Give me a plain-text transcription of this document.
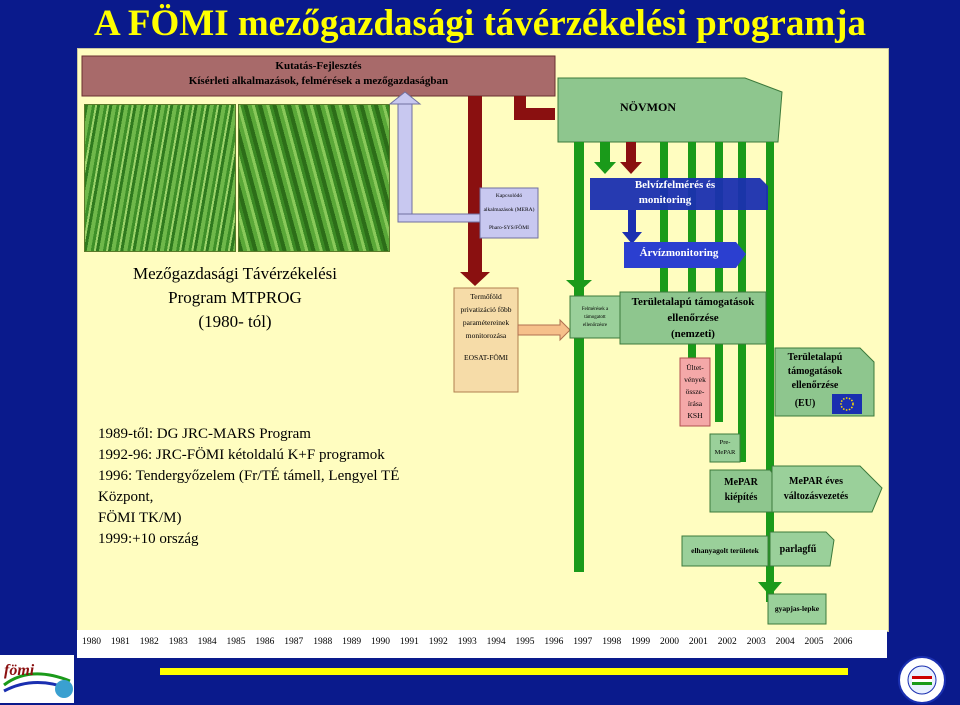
A FÖMI mezőgazdasági távérzékelési programja
Kutatás-Fejlesztés
Kísérleti alkalmazások, felmérések a mezőgazdaságban
Mezőgazdasági Távérzékelési
Program MTPROG
(1980- tól)
1989-től: DG JRC-MARS Program
1992-96: JRC-FÖMI kétoldalú K+F programok
1996: Tendergyőzelem (Fr/TÉ támell, Lengyel TÉ
Központ,
FÖMI TK/M)
1999:+10 ország
NÖVMON
Belvízfelmérés és
monitoring
Árvízmonitoring
Kapcsolódó
alkalmazások (MERA)
Pharo-SYS/FÖMI
Termőföld
privatizáció főbb
paramétereinek
monitorozása
EOSAT-FÖMI
Felmérések a
támogatott
ellenőrzésre
Területalapú támogatások
ellenőrzése
(nemzeti)
Ültet-
vények
össze-
írása
KSH
Területalapú
támogatások
ellenőrzése
(EU)
Pre-
MePAR
MePAR
kiépítés
MePAR éves
változásvezetés
elhanyagolt területek	parlagfű
gyapjas-lepke
1980 1981 1982 1983 1984 1985 1986 1987 1988 1989 1990 1991 1992 1993 1994 1995 1996 1997 1998 1999 2000 2001 2002 2003 2004 2005 2006
fömi
